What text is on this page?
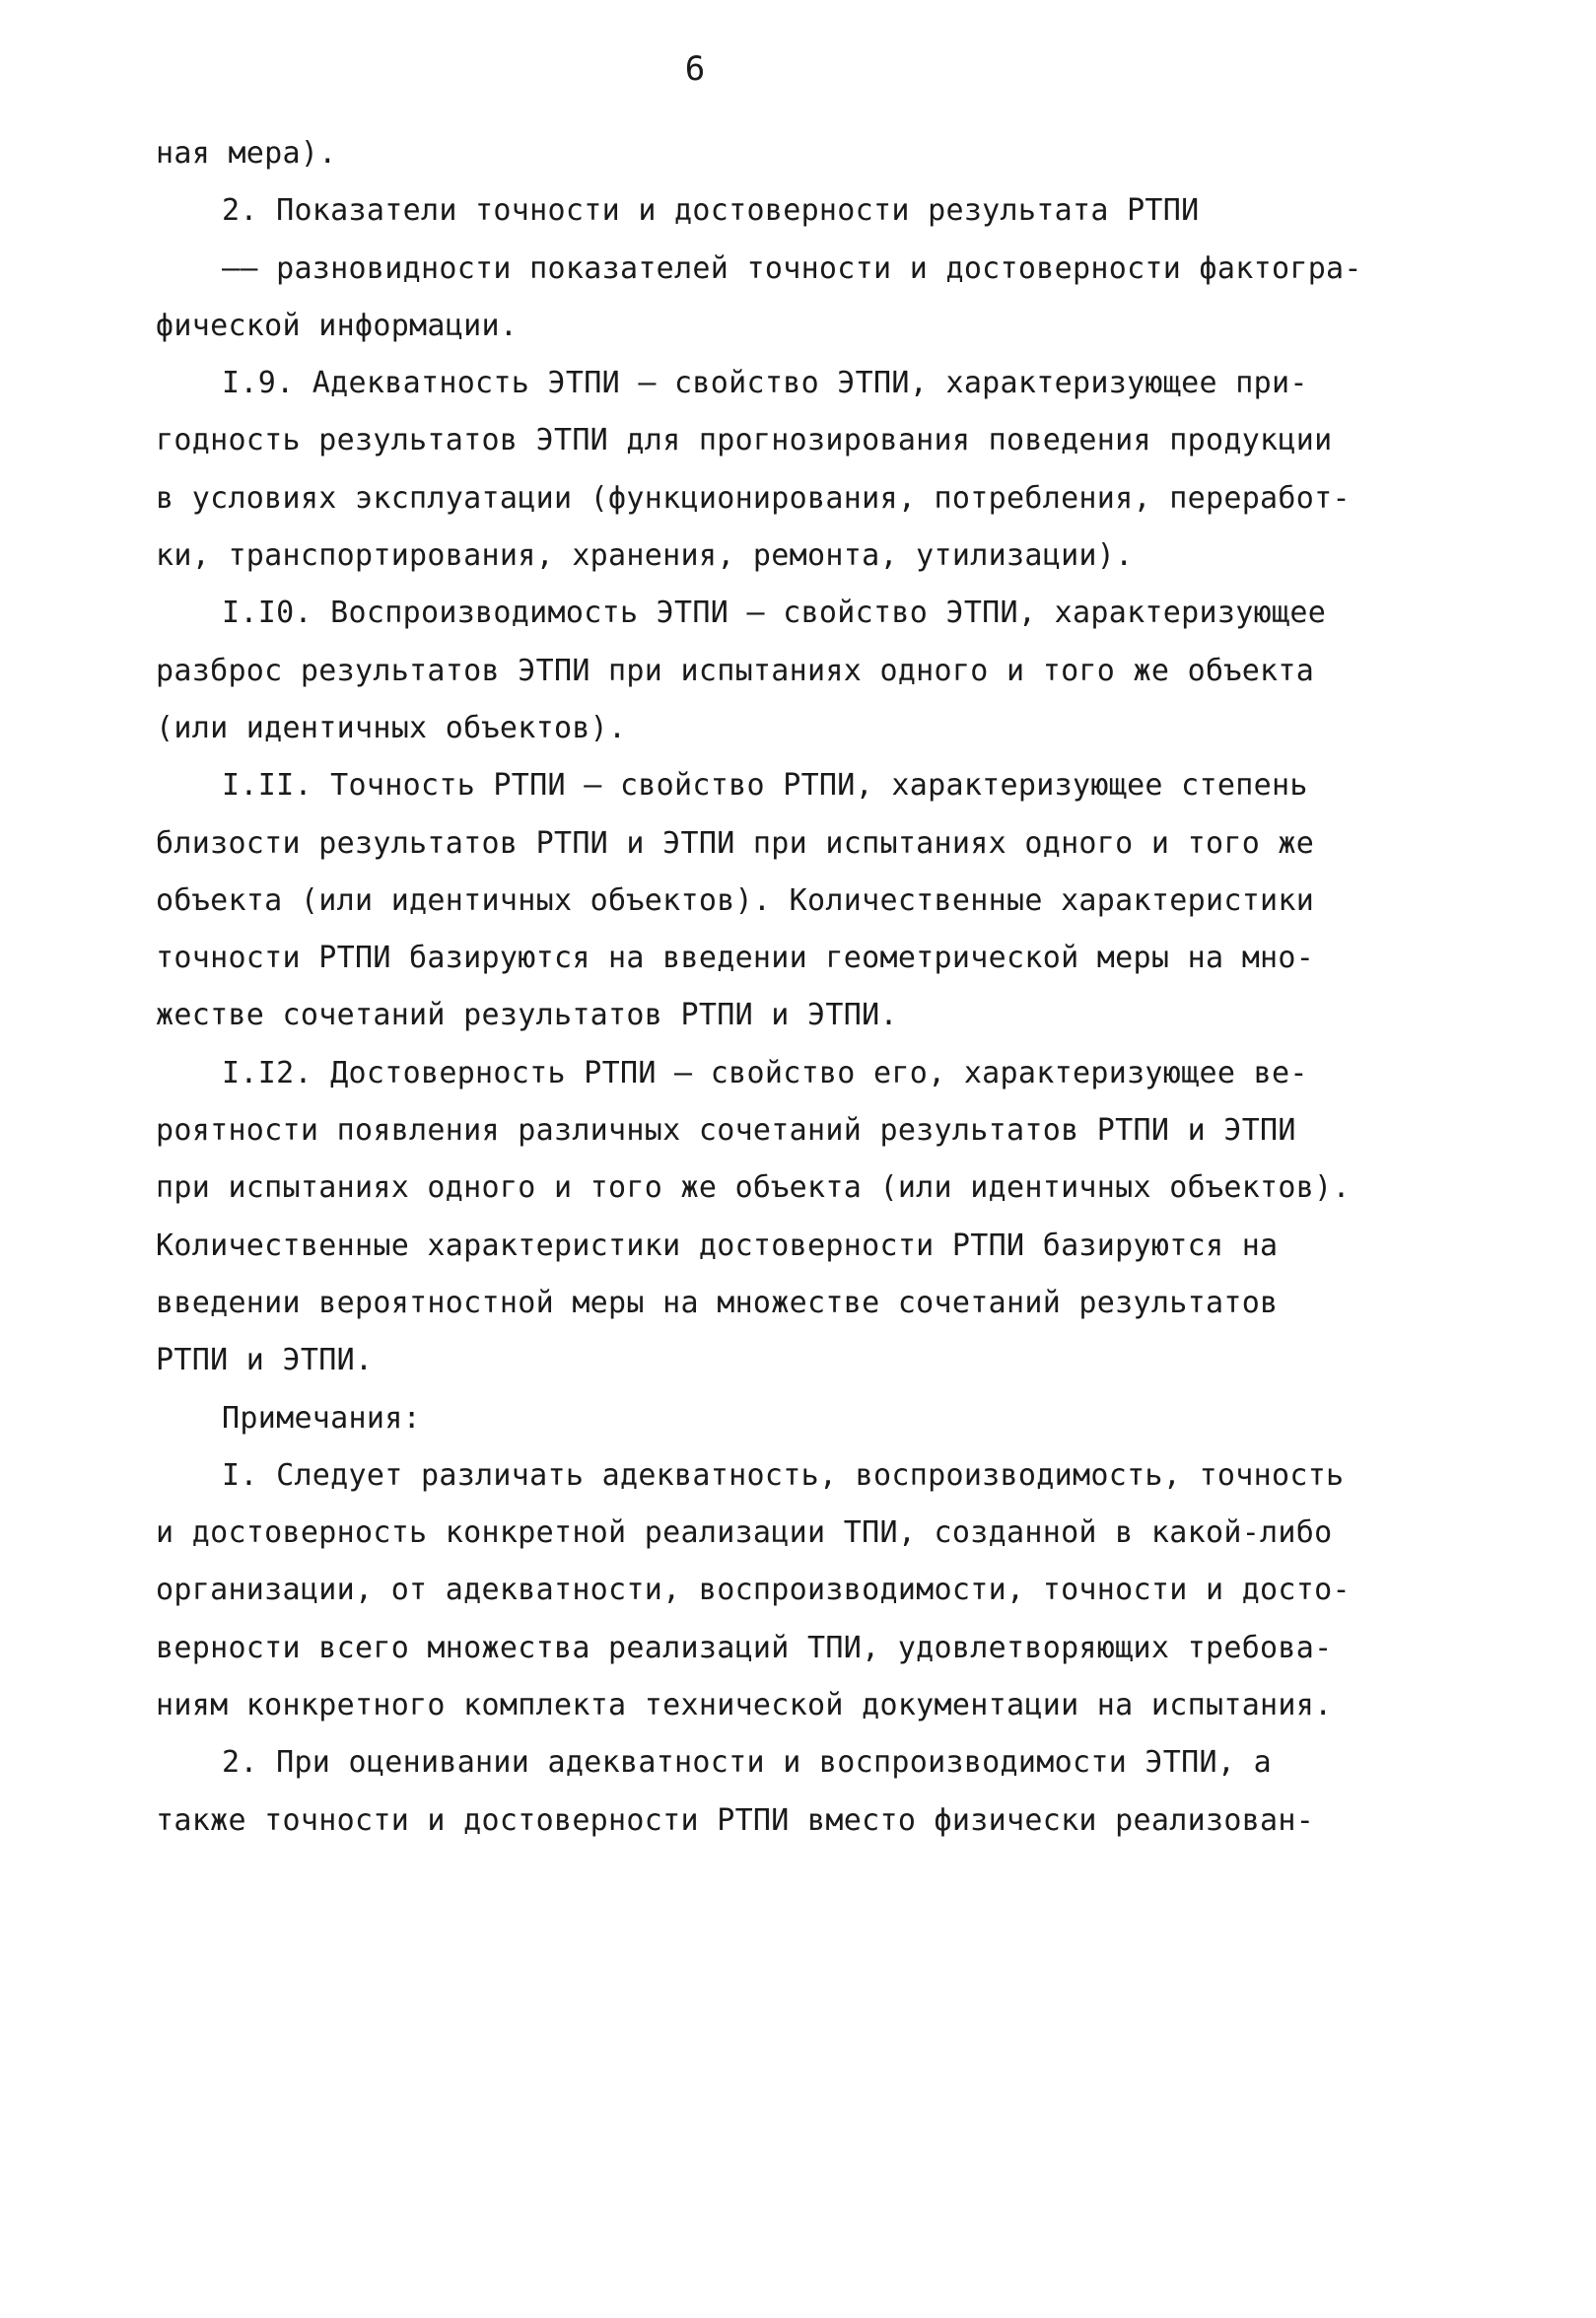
6
ная мера).
2. Показатели точности и достоверности результата РТПИ
–– разновидности показателей точности и достоверности фактогра-
фической информации.
I.9. Адекватность ЭТПИ – свойство ЭТПИ, характеризующее при-
годность результатов ЭТПИ для прогнозирования поведения продукции
в условиях эксплуатации (функционирования, потребления, переработ-
ки, транспортирования, хранения, ремонта, утилизации).
I.I0. Воспроизводимость ЭТПИ – свойство ЭТПИ, характеризующее
разброс результатов ЭТПИ при испытаниях одного и того же объекта
(или идентичных объектов).
I.II. Точность РТПИ – свойство РТПИ, характеризующее степень
близости результатов РТПИ и ЭТПИ при испытаниях одного и того же
объекта (или идентичных объектов). Количественные характеристики
точности РТПИ базируются на введении геометрической меры на мно-
жестве сочетаний результатов РТПИ и ЭТПИ.
I.I2. Достоверность РТПИ – свойство его, характеризующее ве-
роятности появления различных сочетаний результатов РТПИ и ЭТПИ
при испытаниях одного и того же объекта (или идентичных объектов).
Количественные характеристики достоверности РТПИ базируются на
введении вероятностной меры на множестве сочетаний результатов
РТПИ и ЭТПИ.
Примечания:
I. Следует различать адекватность, воспроизводимость, точность
и достоверность конкретной реализации ТПИ, созданной в какой-либо
организации, от адекватности, воспроизводимости, точности и досто-
верности всего множества реализаций ТПИ, удовлетворяющих требова-
ниям конкретного комплекта технической документации на испытания.
2. При оценивании адекватности и воспроизводимости ЭТПИ, а
также точности и достоверности РТПИ вместо физически реализован-
